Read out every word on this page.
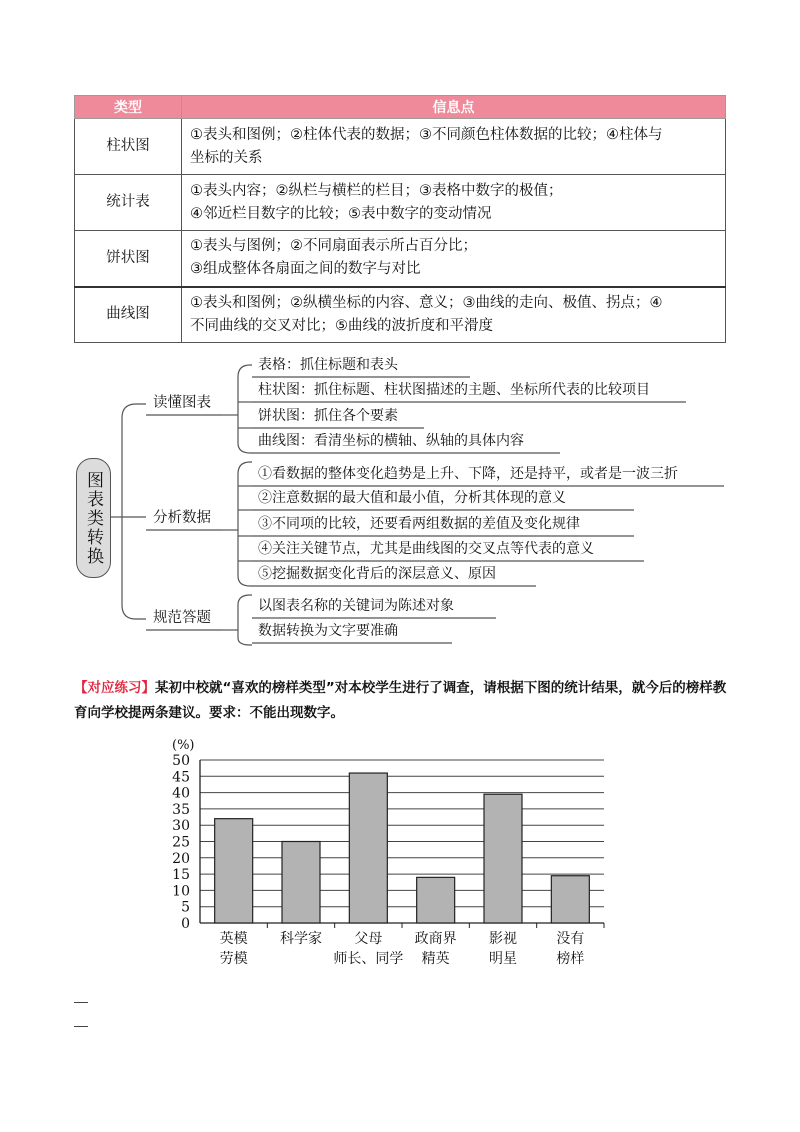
类型	信息点
柱状图	①表头和图例；②柱体代表的数据；③不同颜色柱体数据的比较；④柱体与
坐标的关系

统计表	①表头内容；②纵栏与横栏的栏目；③表格中数字的极值；
④邻近栏目数字的比较；⑤表中数字的变动情况

饼状图	①表头与图例；②不同扇面表示所占百分比；
③组成整体各扇面之间的数字与对比

曲线图	①表头和图例；②纵横坐标的内容、意义；③曲线的走向、极值、拐点；④
不同曲线的交叉对比；⑤曲线的波折度和平滑度
图表类转换
读懂图表
分析数据
规范答题
表格：抓住标题和表头
柱状图：抓住标题、柱状图描述的主题、坐标所代表的比较项目
饼状图：抓住各个要素
曲线图：看清坐标的横轴、纵轴的具体内容
①看数据的整体变化趋势是上升、下降，还是持平，或者是一波三折
②注意数据的最大值和最小值，分析其体现的意义
③不同项的比较，还要看两组数据的差值及变化规律
④关注关键节点，尤其是曲线图的交叉点等代表的意义
⑤挖掘数据变化背后的深层意义、原因
以图表名称的关键词为陈述对象
数据转换为文字要准确
【对应练习】某初中校就“喜欢的榜样类型”对本校学生进行了调查，请根据下图的统计结果，就今后的榜样教育向学校提两条建议。要求：不能出现数字。
0
5
10
15
20
25
30
35
40
45
50
(%)
英模
劳模
科学家 父母
师长、同学
政商界
精英
影视
明星
没有
榜样
